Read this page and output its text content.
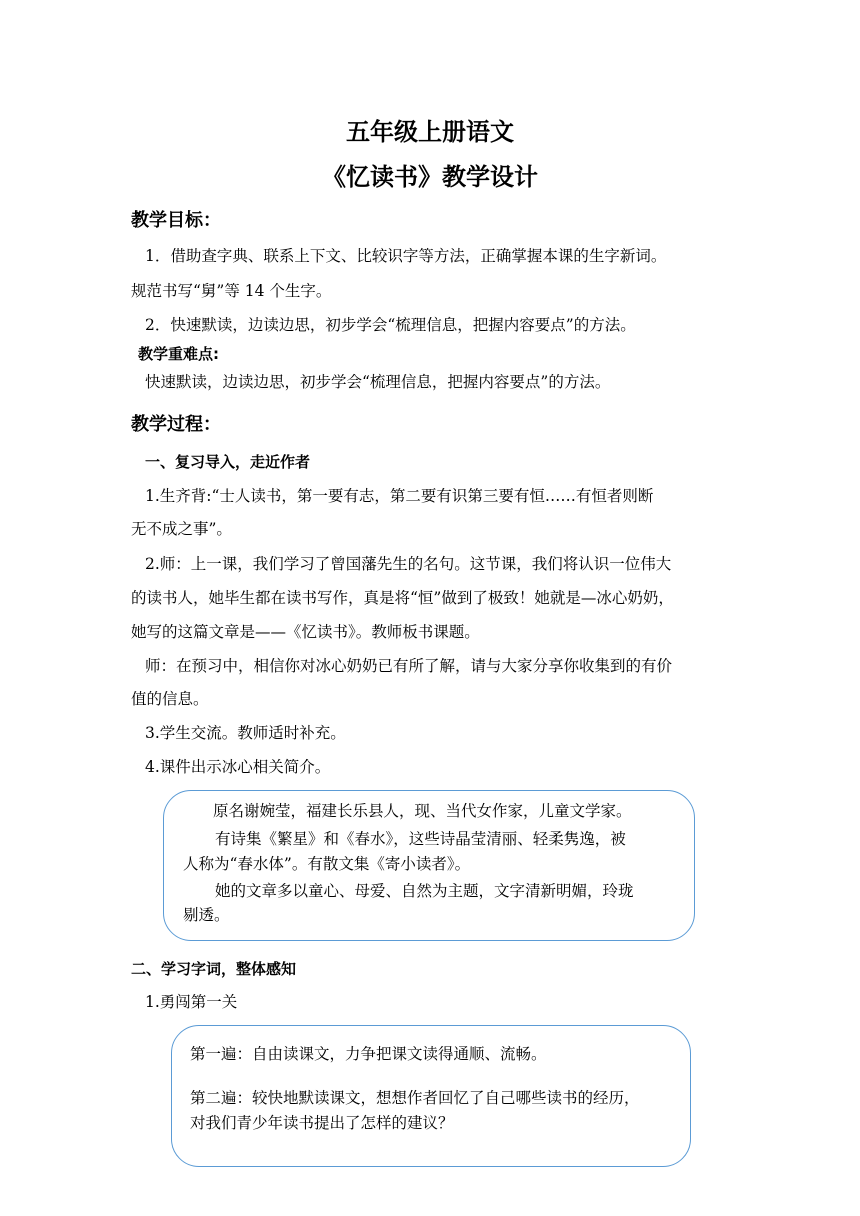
五年级上册语文
《忆读书》教学设计
教学目标：
1．借助查字典、联系上下文、比较识字等方法，正确掌握本课的生字新词。
规范书写“舅”等 14 个生字。
2．快速默读，边读边思，初步学会“梳理信息，把握内容要点”的方法。
教学重难点:
快速默读，边读边思，初步学会“梳理信息，把握内容要点”的方法。
教学过程：
一、复习导入，走近作者
1.生齐背:“士人读书，第一要有志，第二要有识第三要有恒……有恒者则断
无不成之事”。
2.师：上一课，我们学习了曾国藩先生的名句。这节课，我们将认识一位伟大
的读书人，她毕生都在读书写作，真是将“恒”做到了极致！她就是—冰心奶奶，
她写的这篇文章是——《忆读书》。教师板书课题。
师：在预习中，相信你对冰心奶奶已有所了解，请与大家分享你收集到的有价
值的信息。
3.学生交流。教师适时补充。
4.课件出示冰心相关简介。
原名谢婉莹，福建长乐县人，现、当代女作家，儿童文学家。
有诗集《繁星》和《春水》，这些诗晶莹清丽、轻柔隽逸，被
人称为“春水体”。有散文集《寄小读者》。
她的文章多以童心、母爱、自然为主题，文字清新明媚，玲珑
剔透。
二、学习字词，整体感知
1.勇闯第一关
第一遍：自由读课文，力争把课文读得通顺、流畅。
第二遍：较快地默读课文，想想作者回忆了自己哪些读书的经历，
对我们青少年读书提出了怎样的建议？
